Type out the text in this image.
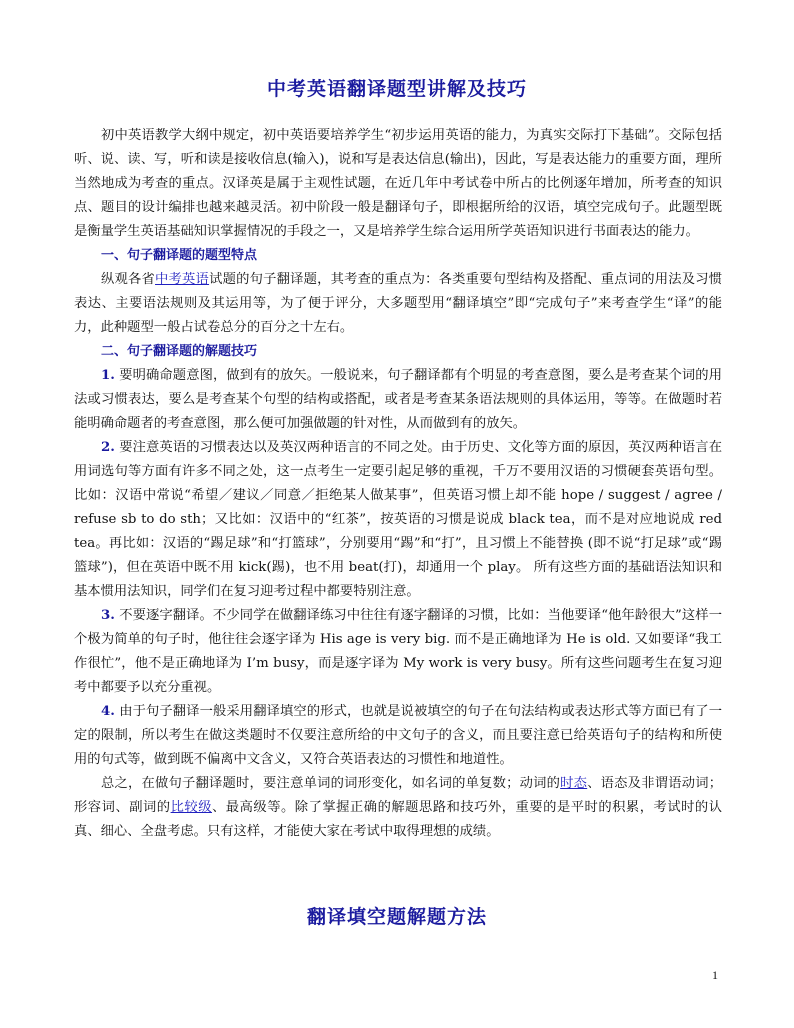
中考英语翻译题型讲解及技巧

初中英语教学大纲中规定，初中英语要培养学生“初步运用英语的能力，为真实交际打下基础”。交际包括听、说、读、写，听和读是接收信息(输入)，说和写是表达信息(输出)，因此，写是表达能力的重要方面，理所当然地成为考查的重点。汉译英是属于主观性试题，在近几年中考试卷中所占的比例逐年增加，所考查的知识点、题目的设计编排也越来越灵活。初中阶段一般是翻译句子，即根据所给的汉语，填空完成句子。此题型既是衡量学生英语基础知识掌握情况的手段之一，又是培养学生综合运用所学英语知识进行书面表达的能力。

一、句子翻译题的题型特点

纵观各省中考英语试题的句子翻译题，其考查的重点为：各类重要句型结构及搭配、重点词的用法及习惯表达、主要语法规则及其运用等，为了便于评分，大多题型用“翻译填空”即“完成句子”来考查学生“译”的能力，此种题型一般占试卷总分的百分之十左右。

二、句子翻译题的解题技巧

1. 要明确命题意图，做到有的放矢。一般说来，句子翻译都有个明显的考查意图，要么是考查某个词的用法或习惯表达，要么是考查某个句型的结构或搭配，或者是考查某条语法规则的具体运用，等等。在做题时若能明确命题者的考查意图，那么便可加强做题的针对性，从而做到有的放矢。

2. 要注意英语的习惯表达以及英汉两种语言的不同之处。由于历史、文化等方面的原因，英汉两种语言在用词选句等方面有许多不同之处，这一点考生一定要引起足够的重视，千万不要用汉语的习惯硬套英语句型。比如：汉语中常说“希望／建议／同意／拒绝某人做某事”，但英语习惯上却不能 hope / suggest / agree / refuse sb to do sth；又比如：汉语中的“红茶”，按英语的习惯是说成 black tea，而不是对应地说成 red tea。再比如：汉语的“踢足球”和“打篮球”，分别要用“踢”和“打”，且习惯上不能替换 (即不说“打足球”或“踢篮球”)，但在英语中既不用 kick(踢)，也不用 beat(打)，却通用一个 play。 所有这些方面的基础语法知识和基本惯用法知识，同学们在复习迎考过程中都要特别注意。

3. 不要逐字翻译。不少同学在做翻译练习中往往有逐字翻译的习惯，比如：当他要译“他年龄很大”这样一个极为简单的句子时，他往往会逐字译为 His age is very big. 而不是正确地译为 He is old. 又如要译“我工作很忙”，他不是正确地译为 I’m busy，而是逐字译为 My work is very busy。所有这些问题考生在复习迎考中都要予以充分重视。

4. 由于句子翻译一般采用翻译填空的形式，也就是说被填空的句子在句法结构或表达形式等方面已有了一定的限制，所以考生在做这类题时不仅要注意所给的中文句子的含义，而且要注意已给英语句子的结构和所使用的句式等，做到既不偏离中文含义，又符合英语表达的习惯性和地道性。

总之，在做句子翻译题时，要注意单词的词形变化，如名词的单复数；动词的时态、语态及非谓语动词；形容词、副词的比较级、最高级等。除了掌握正确的解题思路和技巧外，重要的是平时的积累，考试时的认真、细心、全盘考虑。只有这样，才能使大家在考试中取得理想的成绩。

翻译填空题解题方法
1
